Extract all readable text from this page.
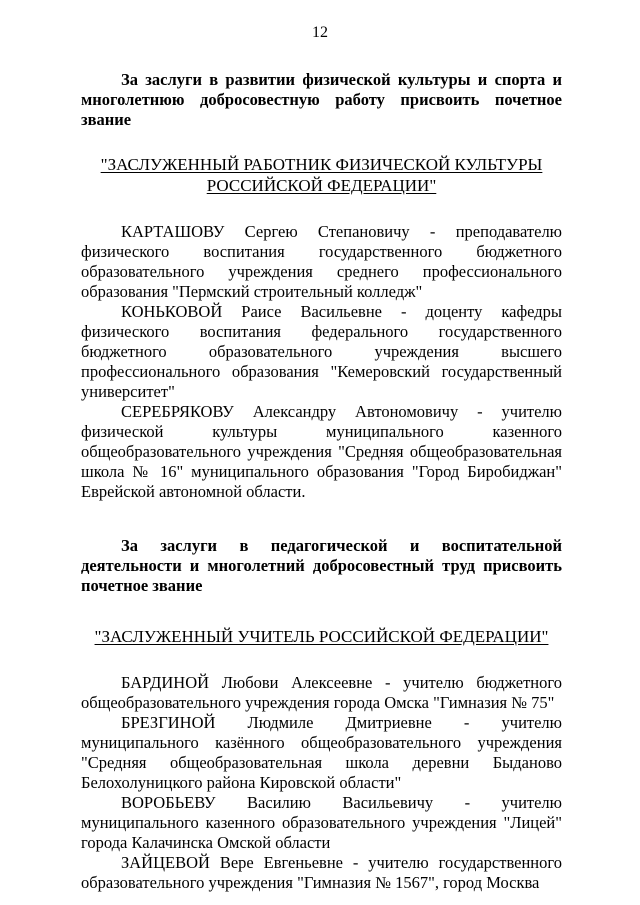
12

За заслуги в развитии физической культуры и спорта и многолетнюю добросовестную работу присвоить почетное звание

"ЗАСЛУЖЕННЫЙ РАБОТНИК ФИЗИЧЕСКОЙ КУЛЬТУРЫ
РОССИЙСКОЙ ФЕДЕРАЦИИ"

КАРТАШОВУ Сергею Степановичу - преподавателю физического воспитания государственного бюджетного образовательного учреждения среднего профессионального образования "Пермский строительный колледж"

КОНЬКОВОЙ Раисе Васильевне - доценту кафедры физического воспитания федерального государственного бюджетного образовательного учреждения высшего профессионального образования "Кемеровский государственный университет"

СЕРЕБРЯКОВУ Александру Автономовичу - учителю физической культуры муниципального казенного общеобразовательного учреждения "Средняя общеобразовательная школа № 16" муниципального образования "Город Биробиджан" Еврейской автономной области.

За заслуги в педагогической и воспитательной деятельности и многолетний добросовестный труд присвоить почетное звание

"ЗАСЛУЖЕННЫЙ УЧИТЕЛЬ РОССИЙСКОЙ ФЕДЕРАЦИИ"

БАРДИНОЙ Любови Алексеевне - учителю бюджетного общеобразовательного учреждения города Омска "Гимназия № 75"

БРЕЗГИНОЙ Людмиле Дмитриевне - учителю муниципального казённого общеобразовательного учреждения "Средняя общеобразовательная школа деревни Быданово Белохолуницкого района Кировской области"

ВОРОБЬЕВУ Василию Васильевичу - учителю муниципального казенного образовательного учреждения "Лицей" города Калачинска Омской области

ЗАЙЦЕВОЙ Вере Евгеньевне - учителю государственного образовательного учреждения "Гимназия № 1567", город Москва
